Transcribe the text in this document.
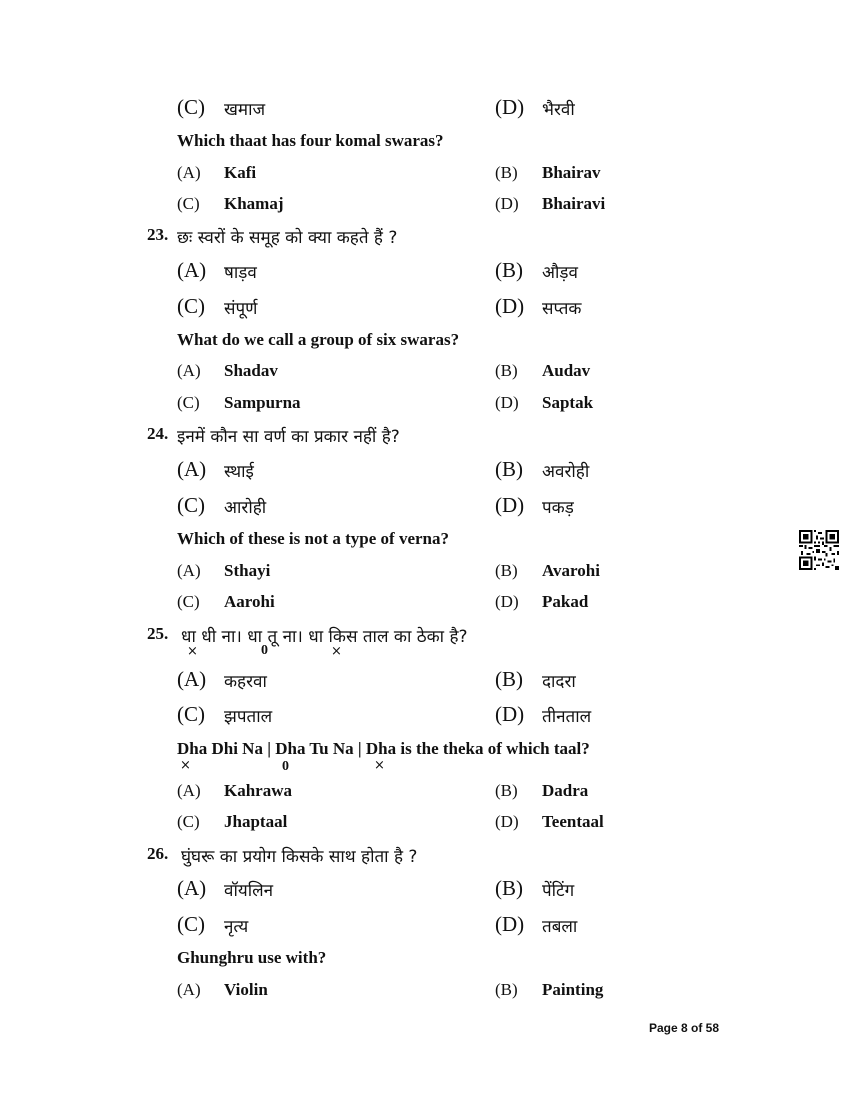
(C) खमाज	(D) भैरवी
Which thaat has four komal swaras?
(A) Kafi	(B) Bhairav
(C) Khamaj	(D) Bhairavi
23. छः स्वरों के समूह को क्या कहते हैं ?
(A) षाड़व	(B) औड़व
(C) संपूर्ण	(D) सप्तक
What do we call a group of six swaras?
(A) Shadav	(B) Audav
(C) Sampurna	(D) Saptak
24. इनमें कौन सा वर्ण का प्रकार नहीं है?
(A) स्थाई	(B) अवरोही
(C) आरोही	(D) पकड़
Which of these is not a type of verna?
(A) Sthayi	(B) Avarohi
(C) Aarohi	(D) Pakad
25. धा धी ना। धा तू ना। धा किस ताल का ठेका है?
×	0	×
(A) कहरवा	(B) दादरा
(C) झपताल	(D) तीनताल
Dha Dhi Na | Dha Tu Na | Dha is the theka of which taal?
×	0	×
(A) Kahrawa	(B) Dadra
(C) Jhaptaal	(D) Teentaal
26. घुंघरू का प्रयोग किसके साथ होता है ?
(A) वॉयलिन	(B) पेंटिंग
(C) नृत्य	(D) तबला
Ghunghru use with?
(A) Violin	(B) Painting
Page 8 of 58
